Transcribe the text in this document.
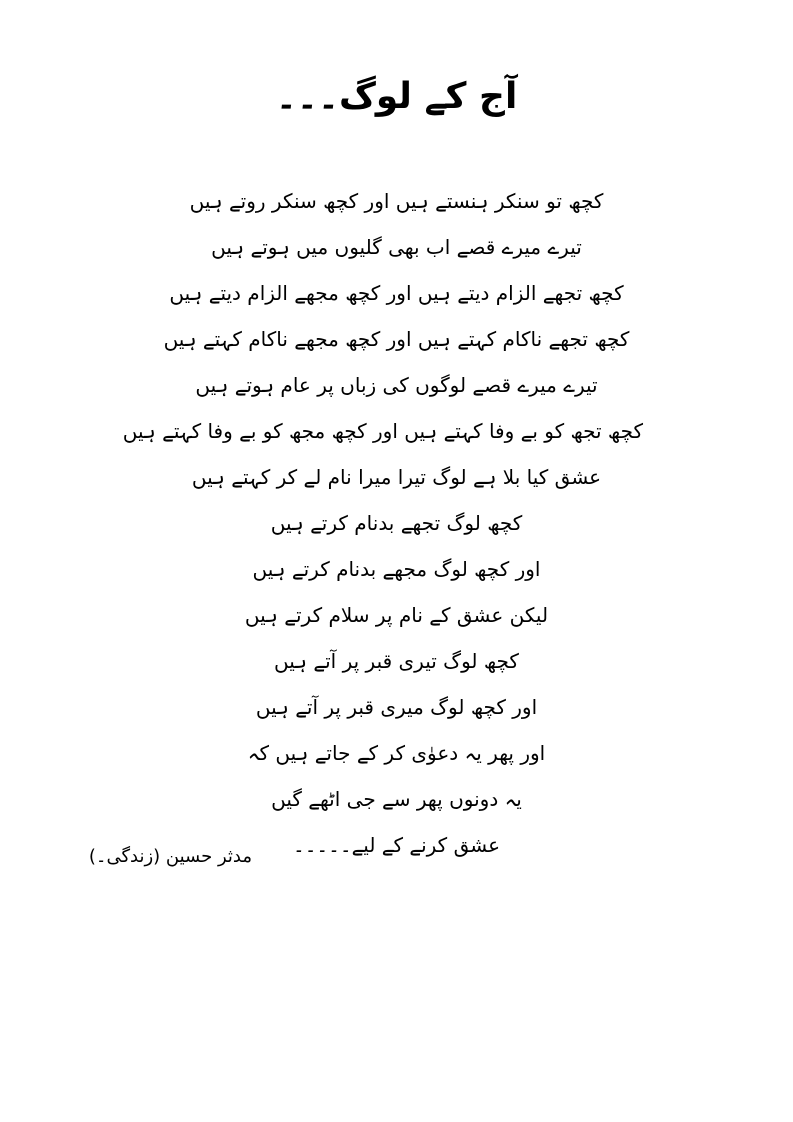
آج کے لوگ۔۔۔
کچھ تو سنکر ہنستے ہیں اور کچھ سنکر روتے ہیں
تیرے میرے قصے اب بھی گلیوں میں ہوتے ہیں
کچھ تجھے الزام دیتے ہیں اور کچھ مجھے الزام دیتے ہیں
کچھ تجھے ناکام کہتے ہیں اور کچھ مجھے ناکام کہتے ہیں
تیرے میرے قصے لوگوں کی زباں پر عام ہوتے ہیں
کچھ تجھ کو بے وفا کہتے ہیں اور کچھ مجھ کو بے وفا کہتے ہیں
عشق کیا بلا ہے لوگ تیرا میرا نام لے کر کہتے ہیں
کچھ لوگ تجھے بدنام کرتے ہیں
اور کچھ لوگ مجھے بدنام کرتے ہیں
لیکن عشق کے نام پر سلام کرتے ہیں
کچھ لوگ تیری قبر پر آتے ہیں
اور کچھ لوگ میری قبر پر آتے ہیں
اور پھر یہ دعوٰی کر کے جاتے ہیں کہ
یہ دونوں پھر سے جی اٹھے گیں
عشق کرنے کے لیے۔۔۔۔۔
مدثر حسین (زندگی۔)
